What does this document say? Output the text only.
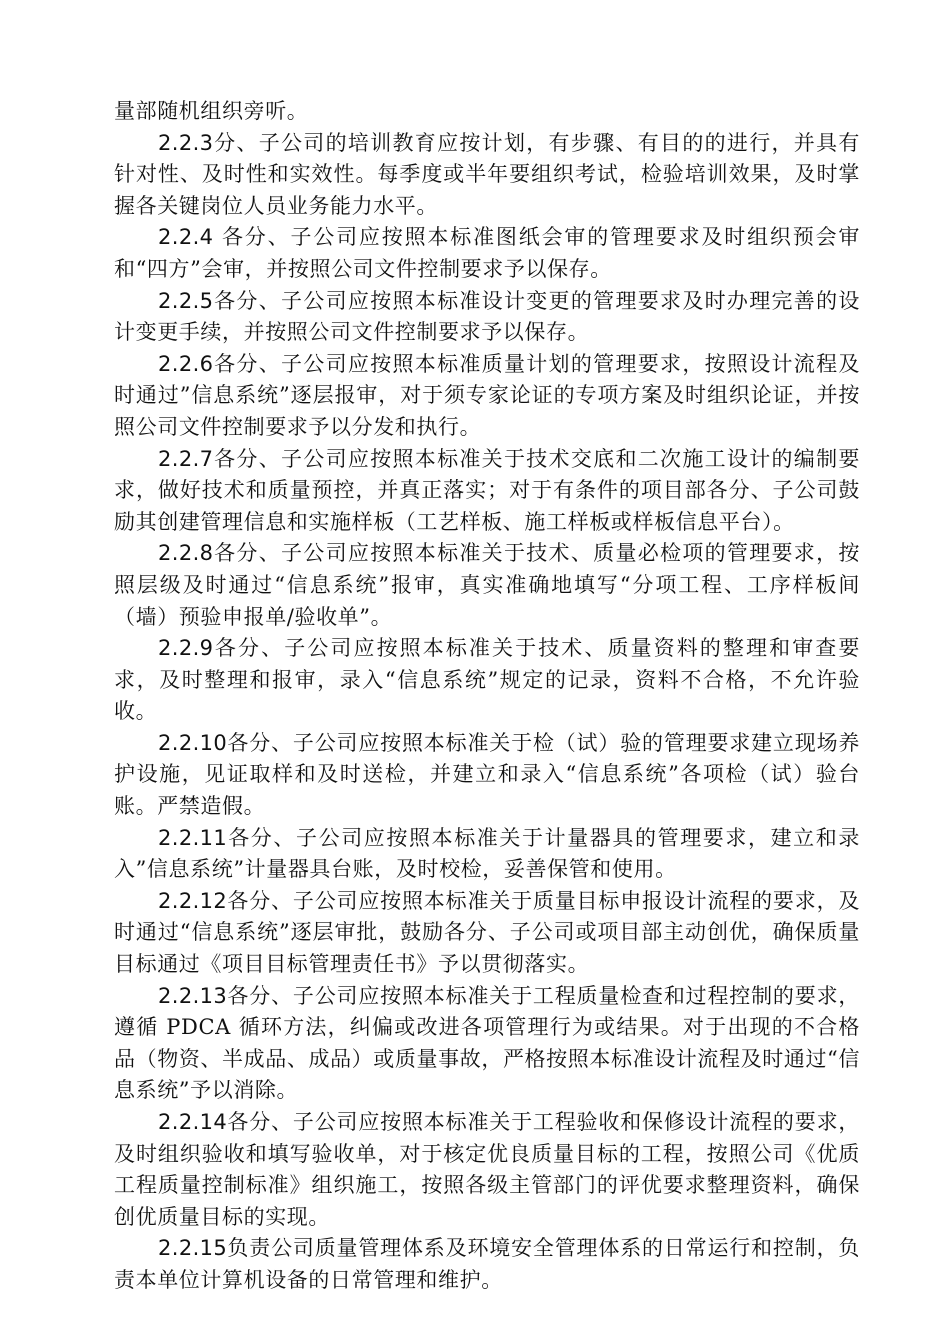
量部随机组织旁听。

2.2.3分、子公司的培训教育应按计划，有步骤、有目的的进行，并具有针对性、及时性和实效性。每季度或半年要组织考试，检验培训效果，及时掌握各关键岗位人员业务能力水平。

2.2.4 各分、子公司应按照本标准图纸会审的管理要求及时组织预会审和“四方”会审，并按照公司文件控制要求予以保存。

2.2.5各分、子公司应按照本标准设计变更的管理要求及时办理完善的设计变更手续，并按照公司文件控制要求予以保存。

2.2.6各分、子公司应按照本标准质量计划的管理要求，按照设计流程及时通过”信息系统”逐层报审，对于须专家论证的专项方案及时组织论证，并按照公司文件控制要求予以分发和执行。

2.2.7各分、子公司应按照本标准关于技术交底和二次施工设计的编制要求，做好技术和质量预控，并真正落实；对于有条件的项目部各分、子公司鼓励其创建管理信息和实施样板（工艺样板、施工样板或样板信息平台）。

2.2.8各分、子公司应按照本标准关于技术、质量必检项的管理要求，按照层级及时通过“信息系统”报审，真实准确地填写“分项工程、工序样板间（墙）预验申报单/验收单”。

2.2.9各分、子公司应按照本标准关于技术、质量资料的整理和审查要求，及时整理和报审，录入“信息系统”规定的记录，资料不合格，不允许验收。

2.2.10各分、子公司应按照本标准关于检（试）验的管理要求建立现场养护设施，见证取样和及时送检，并建立和录入“信息系统”各项检（试）验台账。严禁造假。

2.2.11各分、子公司应按照本标准关于计量器具的管理要求，建立和录入”信息系统”计量器具台账，及时校检，妥善保管和使用。

2.2.12各分、子公司应按照本标准关于质量目标申报设计流程的要求，及时通过“信息系统”逐层审批，鼓励各分、子公司或项目部主动创优，确保质量目标通过《项目目标管理责任书》予以贯彻落实。

2.2.13各分、子公司应按照本标准关于工程质量检查和过程控制的要求，遵循 PDCA 循环方法，纠偏或改进各项管理行为或结果。对于出现的不合格品（物资、半成品、成品）或质量事故，严格按照本标准设计流程及时通过“信息系统”予以消除。

2.2.14各分、子公司应按照本标准关于工程验收和保修设计流程的要求，及时组织验收和填写验收单，对于核定优良质量目标的工程，按照公司《优质工程质量控制标准》组织施工，按照各级主管部门的评优要求整理资料，确保创优质量目标的实现。

2.2.15负责公司质量管理体系及环境安全管理体系的日常运行和控制，负责本单位计算机设备的日常管理和维护。
